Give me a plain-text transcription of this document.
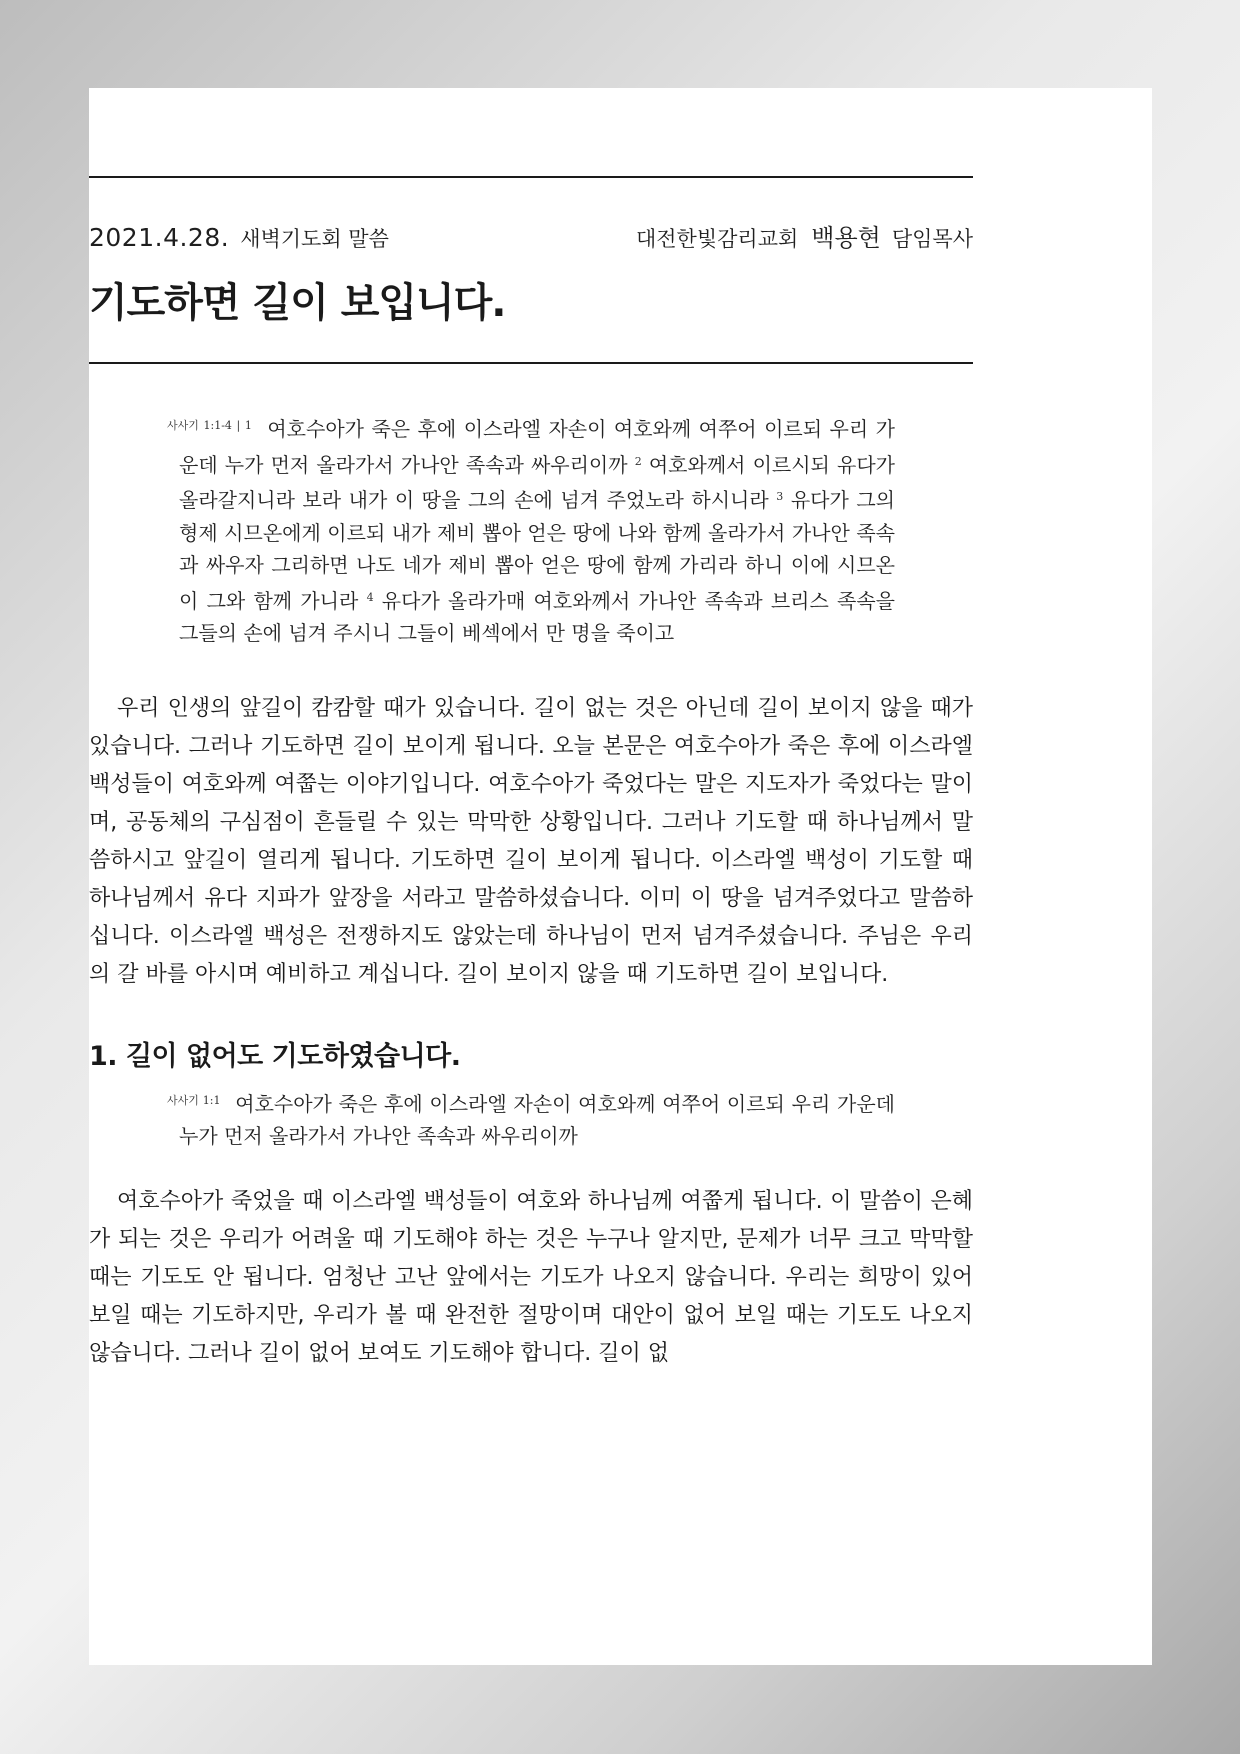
2021.4.28. 새벽기도회 말씀	대전한빛감리교회 백용현 담임목사
기도하면 길이 보입니다.
$^{사사기 1:1-4 | 1}$ 여호수아가 죽은 후에 이스라엘 자손이 여호와께 여쭈어 이르되 우리 가운데 누가 먼저 올라가서 가나안 족속과 싸우리이까 $^2$ 여호와께서 이르시되 유다가 올라갈지니라 보라 내가 이 땅을 그의 손에 넘겨 주었노라 하시니라 $^3$ 유다가 그의 형제 시므온에게 이르되 내가 제비 뽑아 얻은 땅에 나와 함께 올라가서 가나안 족속과 싸우자 그리하면 나도 네가 제비 뽑아 얻은 땅에 함께 가리라 하니 이에 시므온이 그와 함께 가니라 $^4$ 유다가 올라가매 여호와께서 가나안 족속과 브리스 족속을 그들의 손에 넘겨 주시니 그들이 베섹에서 만 명을 죽이고

우리 인생의 앞길이 캄캄할 때가 있습니다. 길이 없는 것은 아닌데 길이 보이지 않을 때가 있습니다. 그러나 기도하면 길이 보이게 됩니다. 오늘 본문은 여호수아가 죽은 후에 이스라엘 백성들이 여호와께 여쭙는 이야기입니다. 여호수아가 죽었다는 말은 지도자가 죽었다는 말이며, 공동체의 구심점이 흔들릴 수 있는 막막한 상황입니다. 그러나 기도할 때 하나님께서 말씀하시고 앞길이 열리게 됩니다. 기도하면 길이 보이게 됩니다. 이스라엘 백성이 기도할 때 하나님께서 유다 지파가 앞장을 서라고 말씀하셨습니다. 이미 이 땅을 넘겨주었다고 말씀하십니다. 이스라엘 백성은 전쟁하지도 않았는데 하나님이 먼저 넘겨주셨습니다. 주님은 우리의 갈 바를 아시며 예비하고 계십니다. 길이 보이지 않을 때 기도하면 길이 보입니다.

1. 길이 없어도 기도하였습니다.
$^{사사기 1:1}$ 여호수아가 죽은 후에 이스라엘 자손이 여호와께 여쭈어 이르되 우리 가운데 누가 먼저 올라가서 가나안 족속과 싸우리이까

여호수아가 죽었을 때 이스라엘 백성들이 여호와 하나님께 여쭙게 됩니다. 이 말씀이 은혜가 되는 것은 우리가 어려울 때 기도해야 하는 것은 누구나 알지만, 문제가 너무 크고 막막할 때는 기도도 안 됩니다. 엄청난 고난 앞에서는 기도가 나오지 않습니다. 우리는 희망이 있어 보일 때는 기도하지만, 우리가 볼 때 완전한 절망이며 대안이 없어 보일 때는 기도도 나오지 않습니다. 그러나 길이 없어 보여도 기도해야 합니다. 길이 없
